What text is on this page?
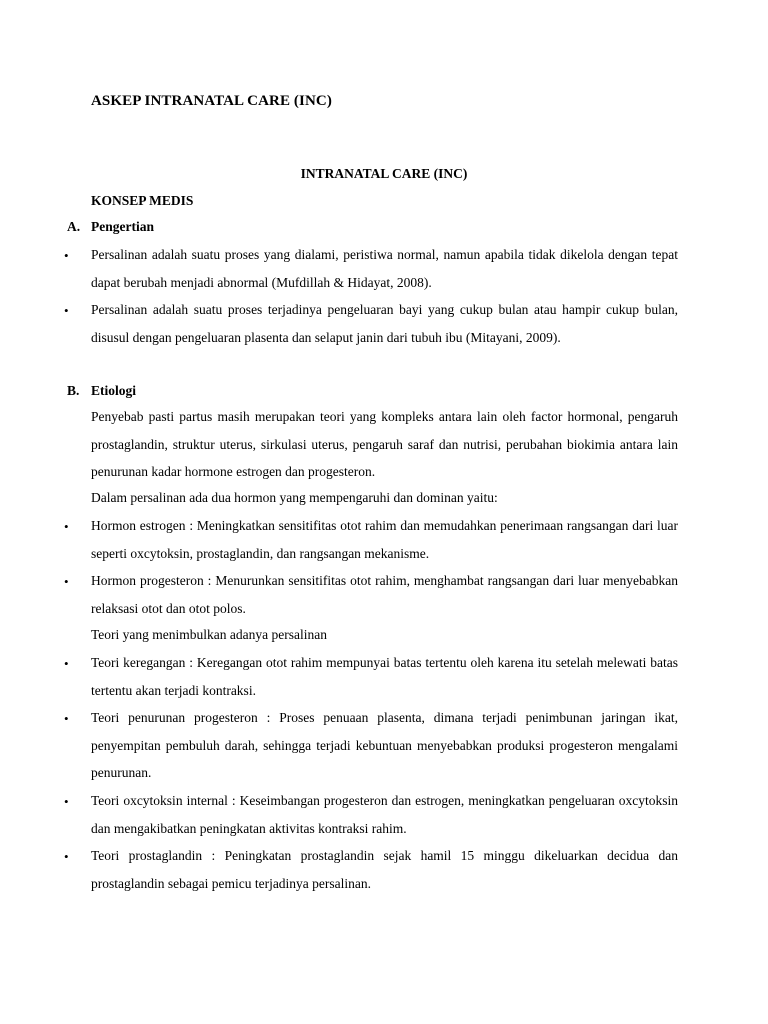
ASKEP INTRANATAL CARE (INC)
INTRANATAL CARE (INC)
KONSEP MEDIS
A. Pengertian
• Persalinan adalah suatu proses yang dialami, peristiwa normal, namun apabila tidak dikelola dengan tepat dapat berubah menjadi abnormal (Mufdillah & Hidayat, 2008).
• Persalinan adalah suatu proses terjadinya pengeluaran bayi yang cukup bulan atau hampir cukup bulan, disusul dengan pengeluaran plasenta dan selaput janin dari tubuh ibu (Mitayani, 2009).
B. Etiologi
Penyebab pasti partus masih merupakan teori yang kompleks antara lain oleh factor hormonal, pengaruh prostaglandin, struktur uterus, sirkulasi uterus, pengaruh saraf dan nutrisi, perubahan biokimia antara lain penurunan kadar hormone estrogen dan progesteron.
Dalam persalinan ada dua hormon yang mempengaruhi dan dominan yaitu:
• Hormon estrogen : Meningkatkan sensitifitas otot rahim dan memudahkan penerimaan rangsangan dari luar seperti oxcytoksin, prostaglandin, dan rangsangan mekanisme.
• Hormon progesteron : Menurunkan sensitifitas otot rahim, menghambat rangsangan dari luar menyebabkan relaksasi otot dan otot polos.
Teori yang menimbulkan adanya persalinan
• Teori keregangan : Keregangan otot rahim mempunyai batas tertentu oleh karena itu setelah melewati batas tertentu akan terjadi kontraksi.
• Teori penurunan progesteron : Proses penuaan plasenta, dimana terjadi penimbunan jaringan ikat, penyempitan pembuluh darah, sehingga terjadi kebuntuan menyebabkan produksi progesteron mengalami penurunan.
• Teori oxcytoksin internal : Keseimbangan progesteron dan estrogen, meningkatkan pengeluaran oxcytoksin dan mengakibatkan peningkatan aktivitas kontraksi rahim.
• Teori prostaglandin : Peningkatan prostaglandin sejak hamil 15 minggu dikeluarkan decidua dan prostaglandin sebagai pemicu terjadinya persalinan.
